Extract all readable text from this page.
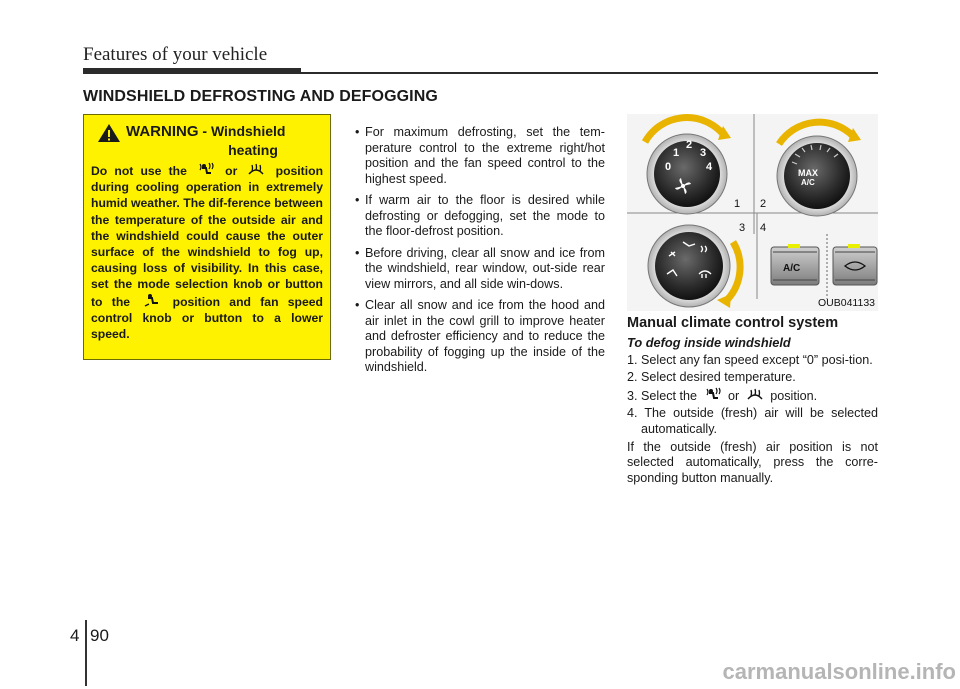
Features of your vehicle
WINDSHIELD DEFROSTING AND DEFOGGING
WARNING - Windshield
heating
Do not use the	or	position during cooling operation in extremely humid weather. The dif-ference between the temperature of the outside air and the windshield could cause the outer surface of the windshield to fog up, causing loss of visibility. In this case, set the mode selection knob or button to the	position and fan speed control knob or button to a lower speed.
• For maximum defrosting, set the tem-perature control to the extreme right/hot position and the fan speed control to the highest speed.
• If warm air to the floor is desired while defrosting or defogging, set the mode to the floor-defrost position.
• Before driving, clear all snow and ice from the windshield, rear window, out-side rear view mirrors, and all side win-dows.
• Clear all snow and ice from the hood and air inlet in the cowl grill to improve heater and defroster efficiency and to reduce the probability of fogging up the inside of the windshield.
0
1
2
3
4	MAX
A/C
1 2
3 4
A/C
OUB041133
Manual climate control system
To defog inside windshield
1. Select any fan speed except “0” posi-tion.
2. Select desired temperature.
3. Select the or position.
4. The outside (fresh) air will be selected automatically.
If the outside (fresh) air position is not selected automatically, press the corre-sponding button manually.
4 90
carmanualsonline.info
